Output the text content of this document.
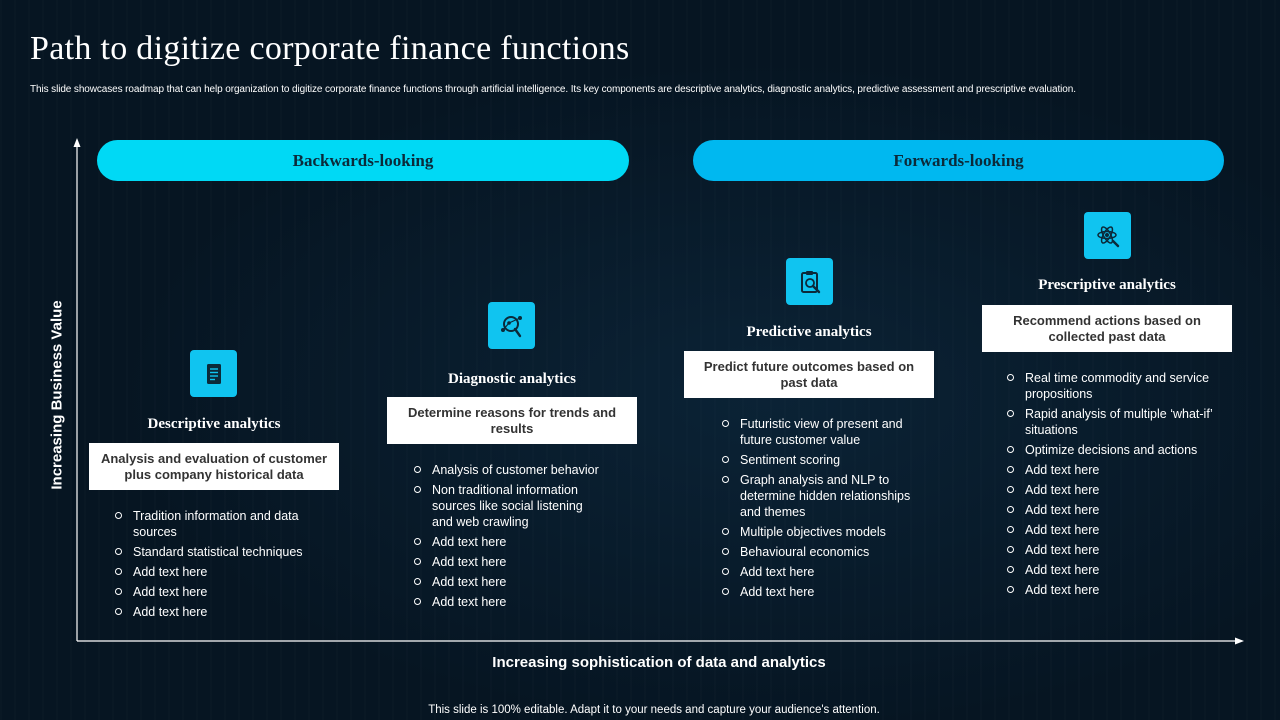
Path to digitize corporate finance functions
This slide showcases roadmap that can help organization to digitize corporate finance functions through artificial intelligence. Its key components are descriptive analytics, diagnostic analytics, predictive assessment and prescriptive evaluation.
Backwards-looking	Forwards-looking
Increasing Business Value
Increasing sophistication of data and analytics
Descriptive analytics
Analysis and evaluation of customer plus company historical data
Tradition information and data sources
Standard statistical techniques
Add text here
Add text here
Add text here
Diagnostic analytics
Determine reasons for trends and results
Analysis of customer behavior
Non traditional information sources like social listening and web crawling
Add text here
Add text here
Add text here
Add text here
Predictive analytics
Predict future outcomes based on past data
Futuristic view of present and future customer value
Sentiment scoring
Graph analysis and NLP to determine hidden relationships and themes
Multiple objectives models
Behavioural economics
Add text here
Add text here
Prescriptive analytics
Recommend actions based on collected past data
Real time commodity and service propositions
Rapid analysis of multiple ‘what-if’ situations
Optimize decisions and actions
Add text here
Add text here
Add text here
Add text here
Add text here
Add text here
Add text here
This slide is 100% editable. Adapt it to your needs and capture your audience's attention.
